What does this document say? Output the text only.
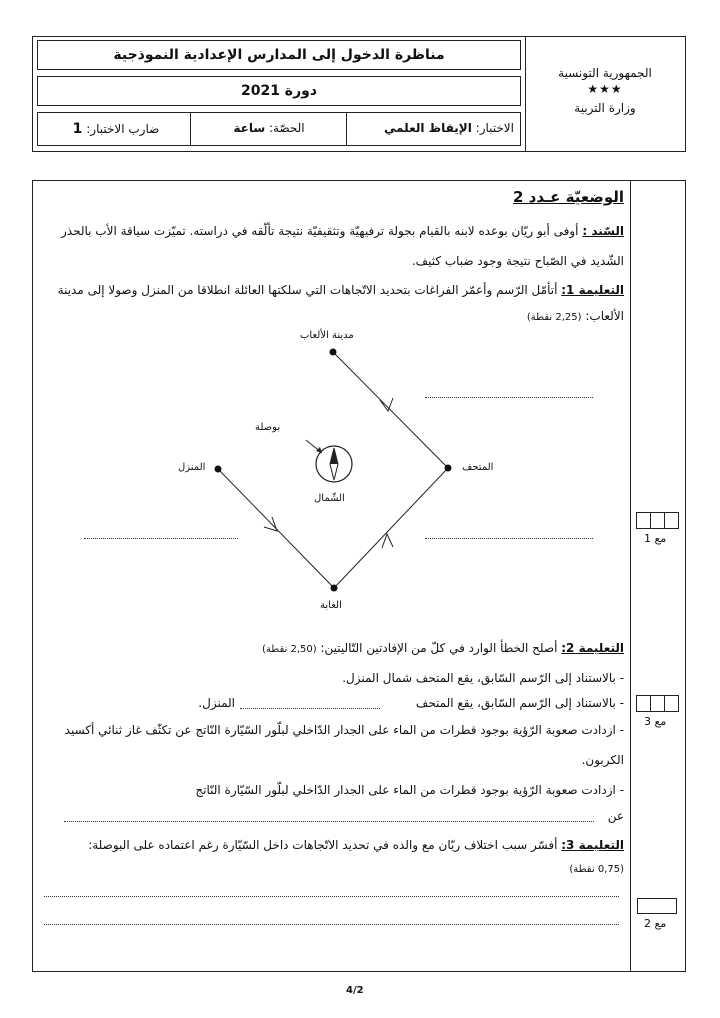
الجمهورية التونسية
★★★
وزارة التربية
مناظرة الدخول إلى المدارس الإعدادية النموذجية
دورة 2021
الاختبار: الإيقاظ العلمي
الحصّة: ساعة
ضارب الاختبار: 1
الوضعيّة عـدد 2
السّند : أوفى أبو ريّان بوعده لابنه بالقيام بجولة ترفيهيّة وتثقيفيّة نتيجة تألّقه في دراسته. تميّزت سياقة الأب بالحذر
الشّديد في الصّباح نتيجة وجود ضباب كثيف.
التعليمة 1: أتأمّل الرّسم وأعمّر الفراغات بتحديد الاتّجاهات التي سلكتها العائلة انطلاقا من المنزل وصولا إلى مدينة
الألعاب: (2,25 نقطة)
مدينة الألعاب
المتحف
المنزل
الغابة
بوصلة
الشّمال
التعليمة 2: أصلح الخطأ الوارد في كلّ من الإفادتين التّاليتين: (2,50 نقطة)
- بالاستناد إلى الرّسم السّابق، يقع المتحف شمال المنزل.
- بالاستناد إلى الرّسم السّابق، يقع المتحف
المنزل.
- ازدادت صعوبة الرّؤية بوجود قطرات من الماء على الجدار الدّاخلي لبلّور السّيّارة النّاتج عن تكثّف غاز ثنائي أكسيد
الكربون.
- ازدادت صعوبة الرّؤية بوجود قطرات من الماء على الجدار الدّاخلي لبلّور السّيّارة النّاتج
عن
التعليمة 3: أفسّر سبب اختلاف ريّان مع والده في تحديد الاتّجاهات داخل السّيّارة رغم اعتماده على البوصلة:
(0,75 نقطة)
مع 1
مع 3
مع 2
4/2
